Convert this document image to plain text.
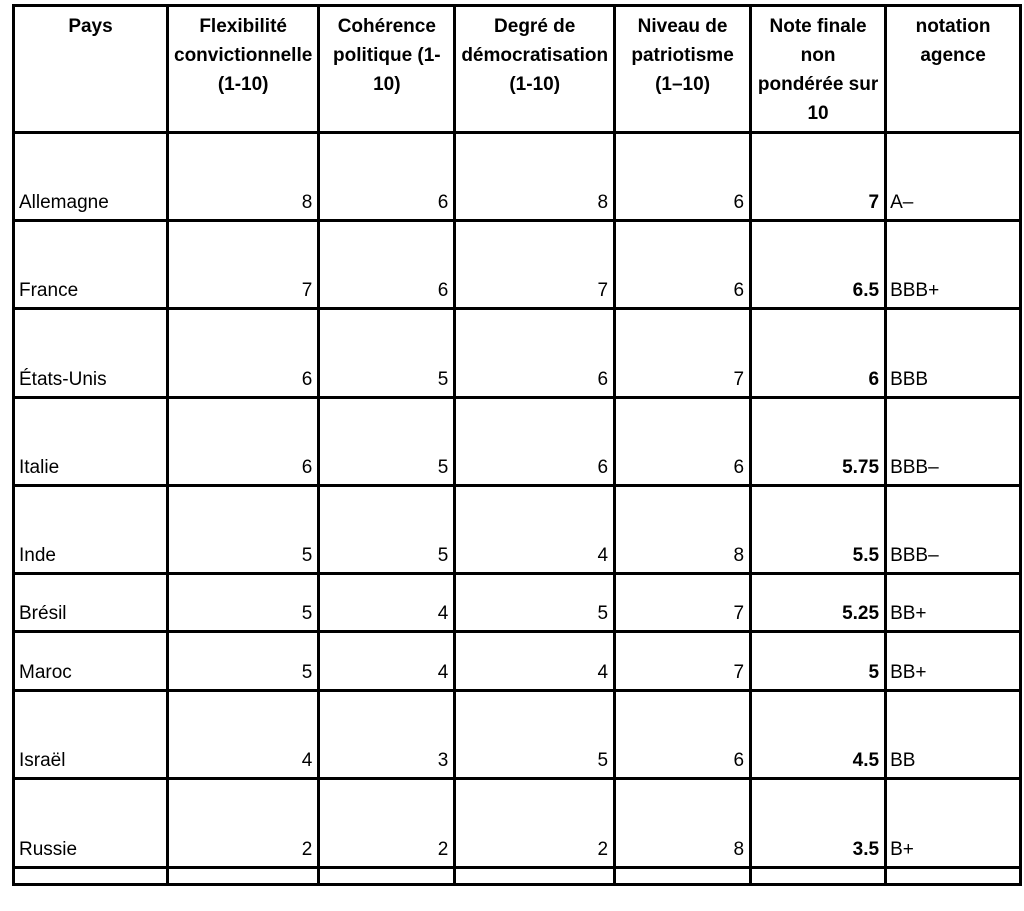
Pays	Flexibilité convictionnelle (1-10)	Cohérence politique (1-10)	Degré de démocratisation (1-10)	Niveau de patriotisme (1–10)	Note finale non pondérée sur 10	notation agence
Allemagne	8	6	8	6	7	A–
France	7	6	7	6	6.5	BBB+
États-Unis	6	5	6	7	6	BBB
Italie	6	5	6	6	5.75	BBB–
Inde	5	5	4	8	5.5	BBB–
Brésil	5	4	5	7	5.25	BB+
Maroc	5	4	4	7	5	BB+
Israël	4	3	5	6	4.5	BB
Russie	2	2	2	8	3.5	B+
